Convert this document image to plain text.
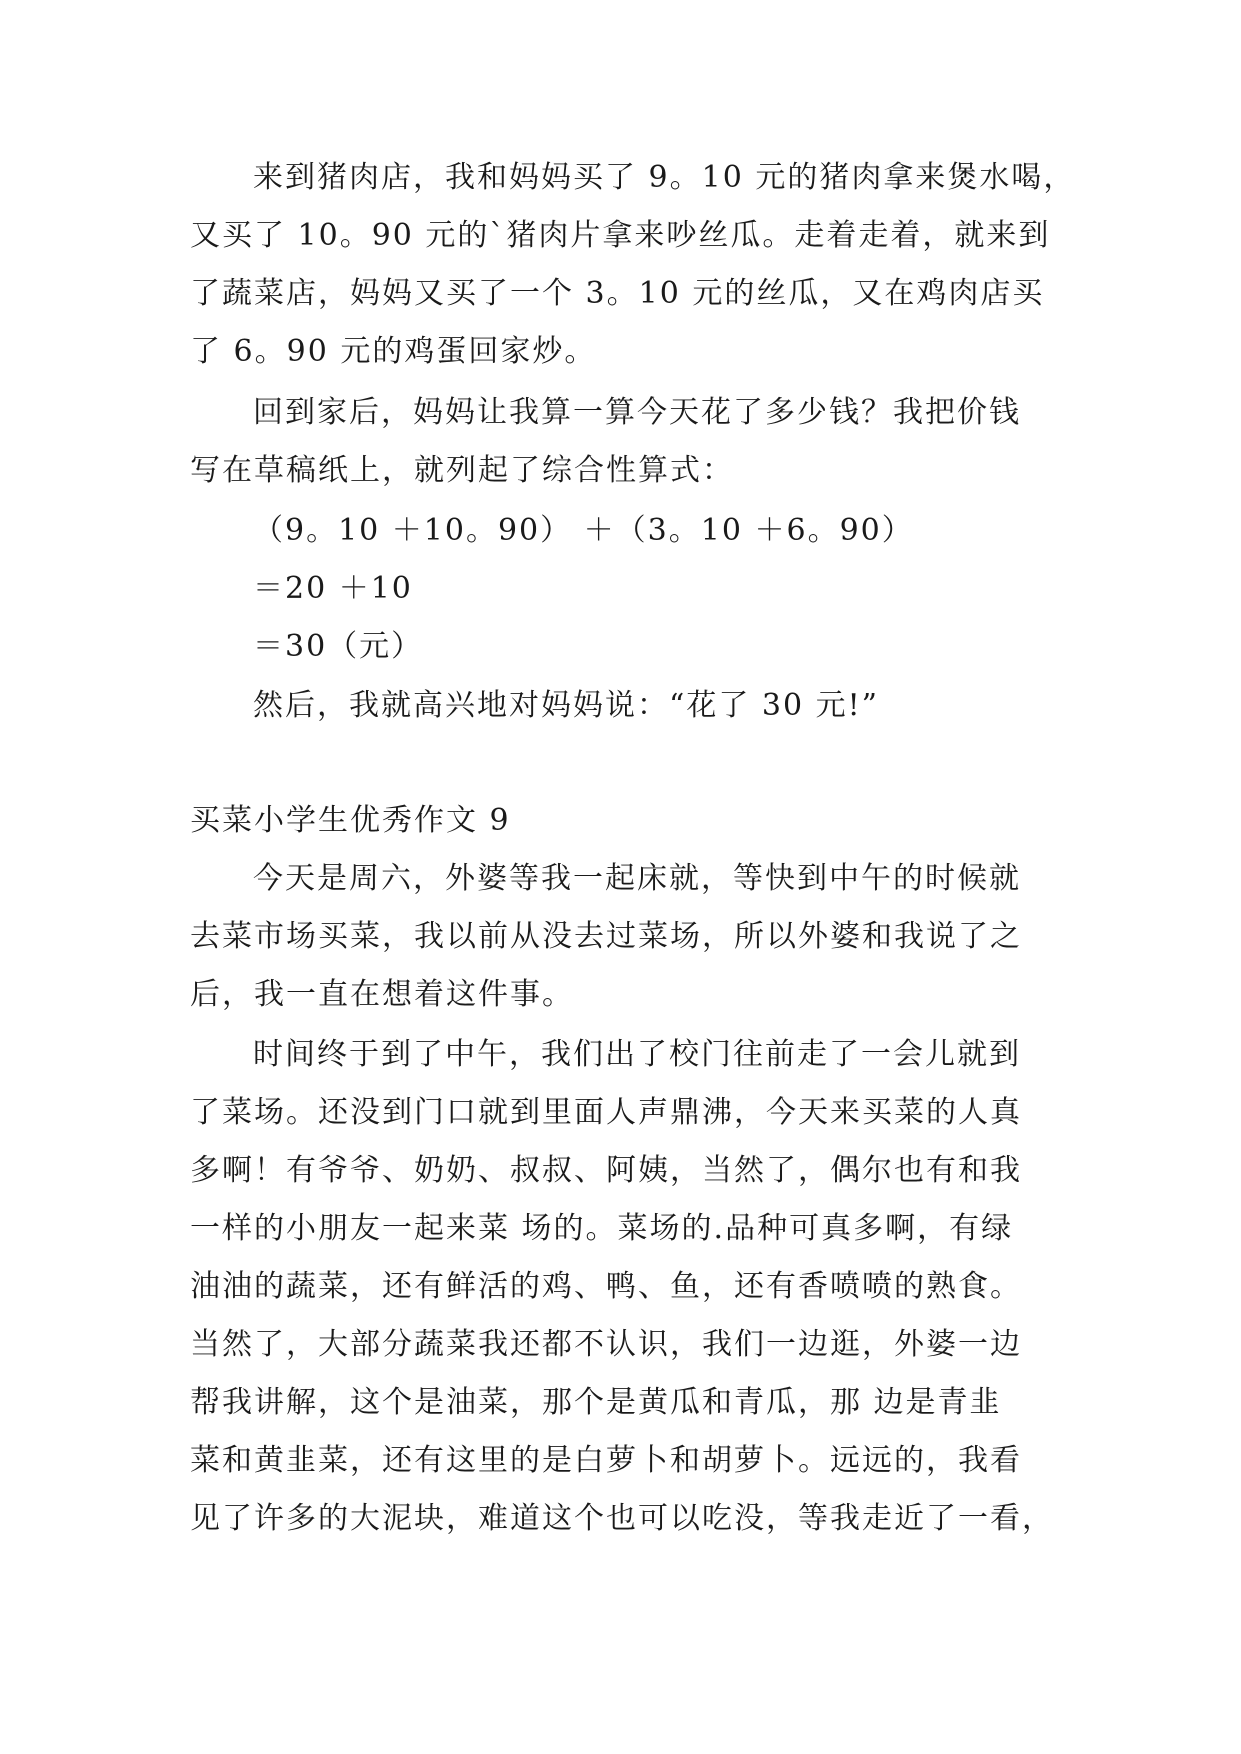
来到猪肉店，我和妈妈买了 9。10 元的猪肉拿来煲水喝，
又买了 10。90 元的`猪肉片拿来吵丝瓜。走着走着，就来到
了蔬菜店，妈妈又买了一个 3。10 元的丝瓜，又在鸡肉店买
了 6。90 元的鸡蛋回家炒。
回到家后，妈妈让我算一算今天花了多少钱？我把价钱
写在草稿纸上，就列起了综合性算式：
（9。10 ＋10。90） ＋（3。10 ＋6。90）
＝20 ＋10
＝30（元）
然后，我就高兴地对妈妈说：“花了 30 元!”
买菜小学生优秀作文 9
今天是周六，外婆等我一起床就，等快到中午的时候就
去菜市场买菜，我以前从没去过菜场，所以外婆和我说了之
后，我一直在想着这件事。
时间终于到了中午，我们出了校门往前走了一会儿就到
了菜场。还没到门口就到里面人声鼎沸，今天来买菜的人真
多啊！有爷爷、奶奶、叔叔、阿姨，当然了，偶尔也有和我
一样的小朋友一起来菜 场的。菜场的.品种可真多啊，有绿
油油的蔬菜，还有鲜活的鸡、鸭、鱼，还有香喷喷的熟食。
当然了，大部分蔬菜我还都不认识，我们一边逛，外婆一边
帮我讲解，这个是油菜，那个是黄瓜和青瓜，那 边是青韭
菜和黄韭菜，还有这里的是白萝卜和胡萝卜。远远的，我看
见了许多的大泥块，难道这个也可以吃没，等我走近了一看，
